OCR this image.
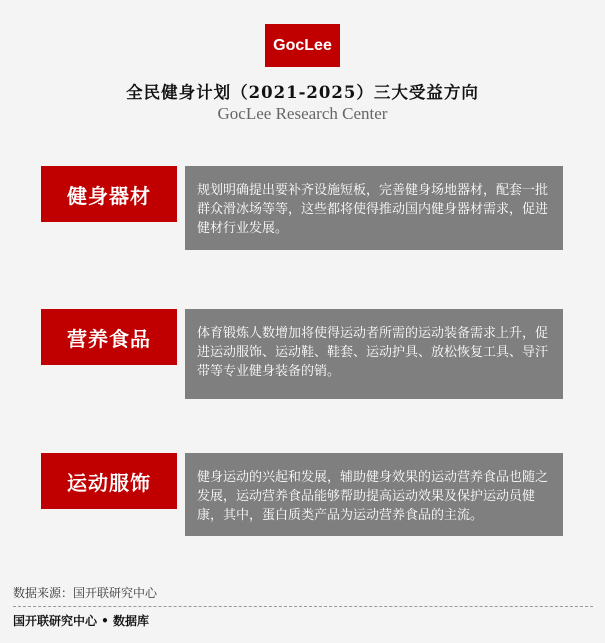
GocLee
全民健身计划（2021-2025）三大受益方向
GocLee Research Center
健身器材	规划明确提出要补齐设施短板，完善健身场地器材，配套一批群众滑冰场等等，这些都将使得推动国内健身器材需求，促进健材行业发展。
营养食品	体育锻炼人数增加将使得运动者所需的运动装备需求上升，促进运动服饰、运动鞋、鞋套、运动护具、放松恢复工具、导汗带等专业健身装备的销。
运动服饰	健身运动的兴起和发展，辅助健身效果的运动营养食品也随之发展，运动营养食品能够帮助提高运动效果及保护运动员健康，其中，蛋白质类产品为运动营养食品的主流。
数据来源：国开联研究中心
国开联研究中心 • 数据库
